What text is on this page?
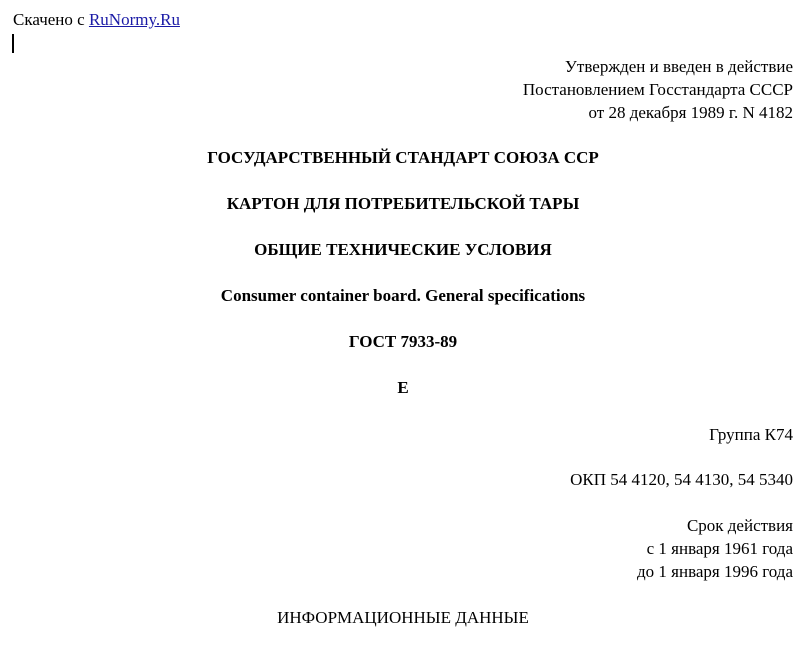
Скачено с RuNormy.Ru
Утвержден и введен в действие
Постановлением Госстандарта СССР
от 28 декабря 1989 г. N 4182
ГОСУДАРСТВЕННЫЙ СТАНДАРТ СОЮЗА ССР
КАРТОН ДЛЯ ПОТРЕБИТЕЛЬСКОЙ ТАРЫ
ОБЩИЕ ТЕХНИЧЕСКИЕ УСЛОВИЯ
Consumer container board. General specifications
ГОСТ 7933-89
Е
Группа К74
ОКП 54 4120, 54 4130, 54 5340
Срок действия
с 1 января 1961 года
до 1 января 1996 года
ИНФОРМАЦИОННЫЕ ДАННЫЕ
